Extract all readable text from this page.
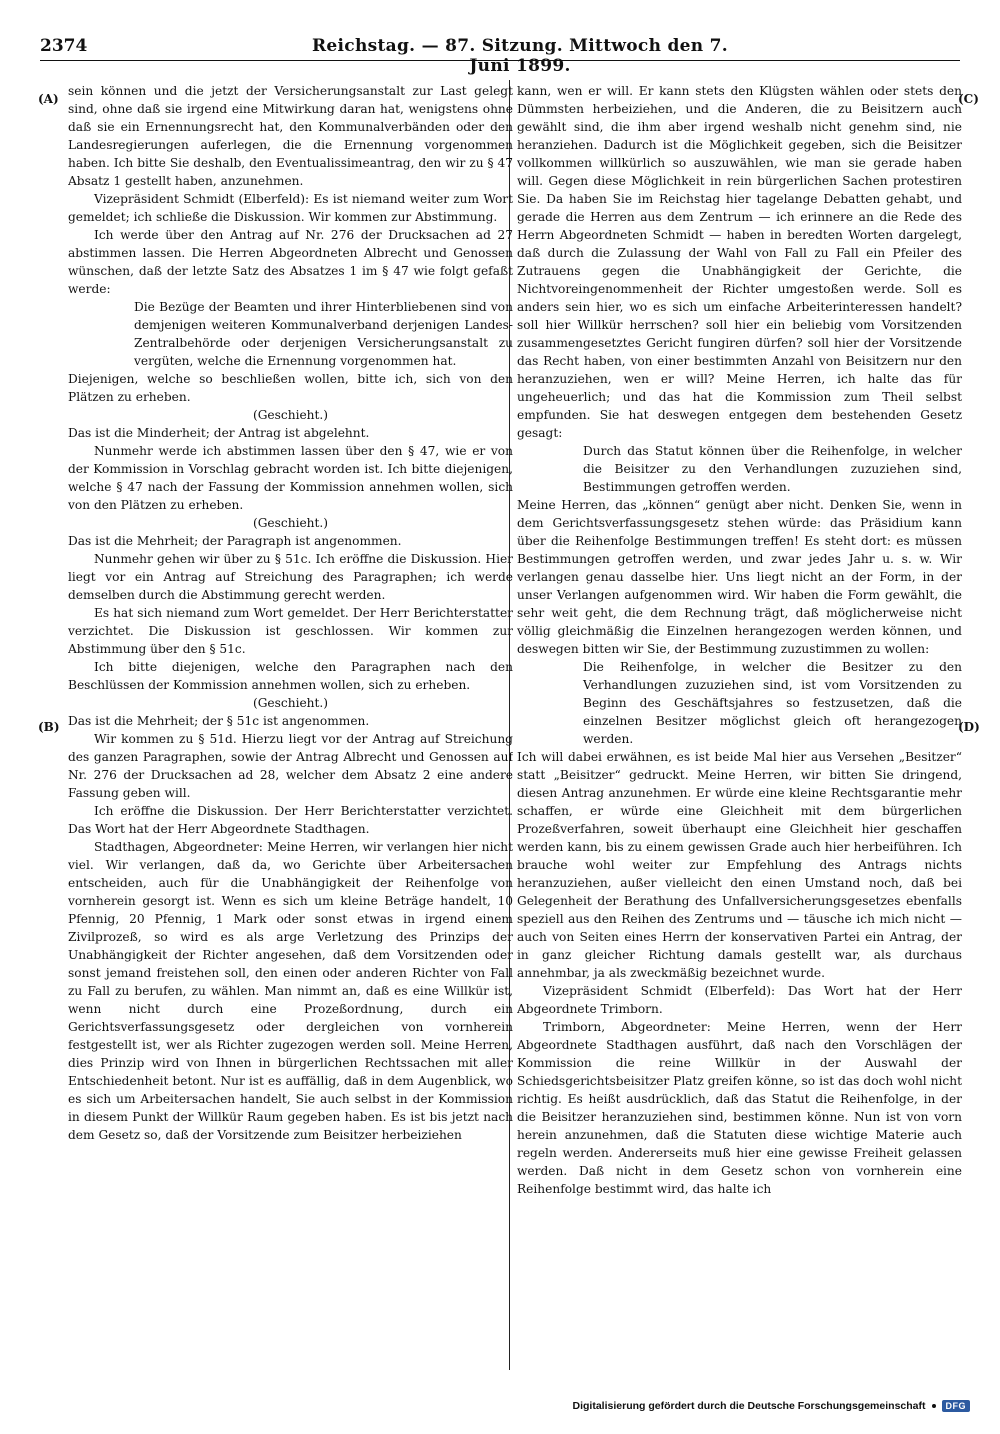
2374	Reichstag. — 87. Sitzung. Mittwoch den 7. Juni 1899.
(A)
(B)
(C)
(D)

sein können und die jetzt der Versicherungsanstalt zur Last gelegt sind, ohne daß sie irgend eine Mitwirkung daran hat, wenigstens ohne daß sie ein Ernennungsrecht hat, den Kommunalverbänden oder den Landesregierungen auferlegen, die die Ernennung vorgenommen haben. Ich bitte Sie deshalb, den Eventualissimeantrag, den wir zu § 47 Absatz 1 gestellt haben, anzunehmen.

Vizepräsident Schmidt (Elberfeld): Es ist niemand weiter zum Wort gemeldet; ich schließe die Diskussion. Wir kommen zur Abstimmung.

Ich werde über den Antrag auf Nr. 276 der Drucksachen ad 27 abstimmen lassen. Die Herren Abgeordneten Albrecht und Genossen wünschen, daß der letzte Satz des Absatzes 1 im § 47 wie folgt gefaßt werde:

Die Bezüge der Beamten und ihrer Hinterbliebenen sind von demjenigen weiteren Kommunalverband derjenigen Landes-Zentralbehörde oder derjenigen Versicherungsanstalt zu vergüten, welche die Ernennung vorgenommen hat.

Diejenigen, welche so beschließen wollen, bitte ich, sich von den Plätzen zu erheben.

(Geschieht.)

Das ist die Minderheit; der Antrag ist abgelehnt.

Nunmehr werde ich abstimmen lassen über den § 47, wie er von der Kommission in Vorschlag gebracht worden ist. Ich bitte diejenigen, welche § 47 nach der Fassung der Kommission annehmen wollen, sich von den Plätzen zu erheben.

(Geschieht.)

Das ist die Mehrheit; der Paragraph ist angenommen.

Nunmehr gehen wir über zu § 51c. Ich eröffne die Diskussion. Hier liegt vor ein Antrag auf Streichung des Paragraphen; ich werde demselben durch die Abstimmung gerecht werden.

Es hat sich niemand zum Wort gemeldet. Der Herr Berichterstatter verzichtet. Die Diskussion ist geschlossen. Wir kommen zur Abstimmung über den § 51c.

Ich bitte diejenigen, welche den Paragraphen nach den Beschlüssen der Kommission annehmen wollen, sich zu erheben.

(Geschieht.)

Das ist die Mehrheit; der § 51c ist angenommen.

Wir kommen zu § 51d. Hierzu liegt vor der Antrag auf Streichung des ganzen Paragraphen, sowie der Antrag Albrecht und Genossen auf Nr. 276 der Drucksachen ad 28, welcher dem Absatz 2 eine andere Fassung geben will.

Ich eröffne die Diskussion. Der Herr Berichterstatter verzichtet. Das Wort hat der Herr Abgeordnete Stadthagen.

Stadthagen, Abgeordneter: Meine Herren, wir verlangen hier nicht viel. Wir verlangen, daß da, wo Gerichte über Arbeitersachen entscheiden, auch für die Unabhängigkeit der Reihenfolge von vornherein gesorgt ist. Wenn es sich um kleine Beträge handelt, 10 Pfennig, 20 Pfennig, 1 Mark oder sonst etwas in irgend einem Zivilprozeß, so wird es als arge Verletzung des Prinzips der Unabhängigkeit der Richter angesehen, daß dem Vorsitzenden oder sonst jemand freistehen soll, den einen oder anderen Richter von Fall zu Fall zu berufen, zu wählen. Man nimmt an, daß es eine Willkür ist, wenn nicht durch eine Prozeßordnung, durch ein Gerichtsverfassungsgesetz oder dergleichen von vornherein festgestellt ist, wer als Richter zugezogen werden soll. Meine Herren, dies Prinzip wird von Ihnen in bürgerlichen Rechtssachen mit aller Entschiedenheit betont. Nur ist es auffällig, daß in dem Augenblick, wo es sich um Arbeitersachen handelt, Sie auch selbst in der Kommission in diesem Punkt der Willkür Raum gegeben haben. Es ist bis jetzt nach dem Gesetz so, daß der Vorsitzende zum Beisitzer herbeiziehen

kann, wen er will. Er kann stets den Klügsten wählen oder stets den Dümmsten herbeiziehen, und die Anderen, die zu Beisitzern auch gewählt sind, die ihm aber irgend weshalb nicht genehm sind, nie heranziehen. Dadurch ist die Möglichkeit gegeben, sich die Beisitzer vollkommen willkürlich so auszuwählen, wie man sie gerade haben will. Gegen diese Möglichkeit in rein bürgerlichen Sachen protestiren Sie. Da haben Sie im Reichstag hier tagelange Debatten gehabt, und gerade die Herren aus dem Zentrum — ich erinnere an die Rede des Herrn Abgeordneten Schmidt — haben in beredten Worten dargelegt, daß durch die Zulassung der Wahl von Fall zu Fall ein Pfeiler des Zutrauens gegen die Unabhängigkeit der Gerichte, die Nichtvoreingenommenheit der Richter umgestoßen werde. Soll es anders sein hier, wo es sich um einfache Arbeiterinteressen handelt? soll hier Willkür herrschen? soll hier ein beliebig vom Vorsitzenden zusammengesetztes Gericht fungiren dürfen? soll hier der Vorsitzende das Recht haben, von einer bestimmten Anzahl von Beisitzern nur den heranzuziehen, wen er will? Meine Herren, ich halte das für ungeheuerlich; und das hat die Kommission zum Theil selbst empfunden. Sie hat deswegen entgegen dem bestehenden Gesetz gesagt:

Durch das Statut können über die Reihenfolge, in welcher die Beisitzer zu den Verhandlungen zuzuziehen sind, Bestimmungen getroffen werden.

Meine Herren, das „können“ genügt aber nicht. Denken Sie, wenn in dem Gerichtsverfassungsgesetz stehen würde: das Präsidium kann über die Reihenfolge Bestimmungen treffen! Es steht dort: es müssen Bestimmungen getroffen werden, und zwar jedes Jahr u. s. w. Wir verlangen genau dasselbe hier. Uns liegt nicht an der Form, in der unser Verlangen aufgenommen wird. Wir haben die Form gewählt, die sehr weit geht, die dem Rechnung trägt, daß möglicherweise nicht völlig gleichmäßig die Einzelnen herangezogen werden können, und deswegen bitten wir Sie, der Bestimmung zuzustimmen zu wollen:

Die Reihenfolge, in welcher die Besitzer zu den Verhandlungen zuzuziehen sind, ist vom Vorsitzenden zu Beginn des Geschäftsjahres so festzusetzen, daß die einzelnen Besitzer möglichst gleich oft herangezogen werden.

Ich will dabei erwähnen, es ist beide Mal hier aus Versehen „Besitzer“ statt „Beisitzer“ gedruckt. Meine Herren, wir bitten Sie dringend, diesen Antrag anzunehmen. Er würde eine kleine Rechtsgarantie mehr schaffen, er würde eine Gleichheit mit dem bürgerlichen Prozeßverfahren, soweit überhaupt eine Gleichheit hier geschaffen werden kann, bis zu einem gewissen Grade auch hier herbeiführen. Ich brauche wohl weiter zur Empfehlung des Antrags nichts heranzuziehen, außer vielleicht den einen Umstand noch, daß bei Gelegenheit der Berathung des Unfallversicherungsgesetzes ebenfalls speziell aus den Reihen des Zentrums und — täusche ich mich nicht — auch von Seiten eines Herrn der konservativen Partei ein Antrag, der in ganz gleicher Richtung damals gestellt war, als durchaus annehmbar, ja als zweckmäßig bezeichnet wurde.

Vizepräsident Schmidt (Elberfeld): Das Wort hat der Herr Abgeordnete Trimborn.

Trimborn, Abgeordneter: Meine Herren, wenn der Herr Abgeordnete Stadthagen ausführt, daß nach den Vorschlägen der Kommission die reine Willkür in der Auswahl der Schiedsgerichtsbeisitzer Platz greifen könne, so ist das doch wohl nicht richtig. Es heißt ausdrücklich, daß das Statut die Reihenfolge, in der die Beisitzer heranzuziehen sind, bestimmen könne. Nun ist von vorn herein anzunehmen, daß die Statuten diese wichtige Materie auch regeln werden. Andererseits muß hier eine gewisse Freiheit gelassen werden. Daß nicht in dem Gesetz schon von vornherein eine Reihenfolge bestimmt wird, das halte ich

Digitalisierung gefördert durch die Deutsche Forschungsgemeinschaft	DFG
